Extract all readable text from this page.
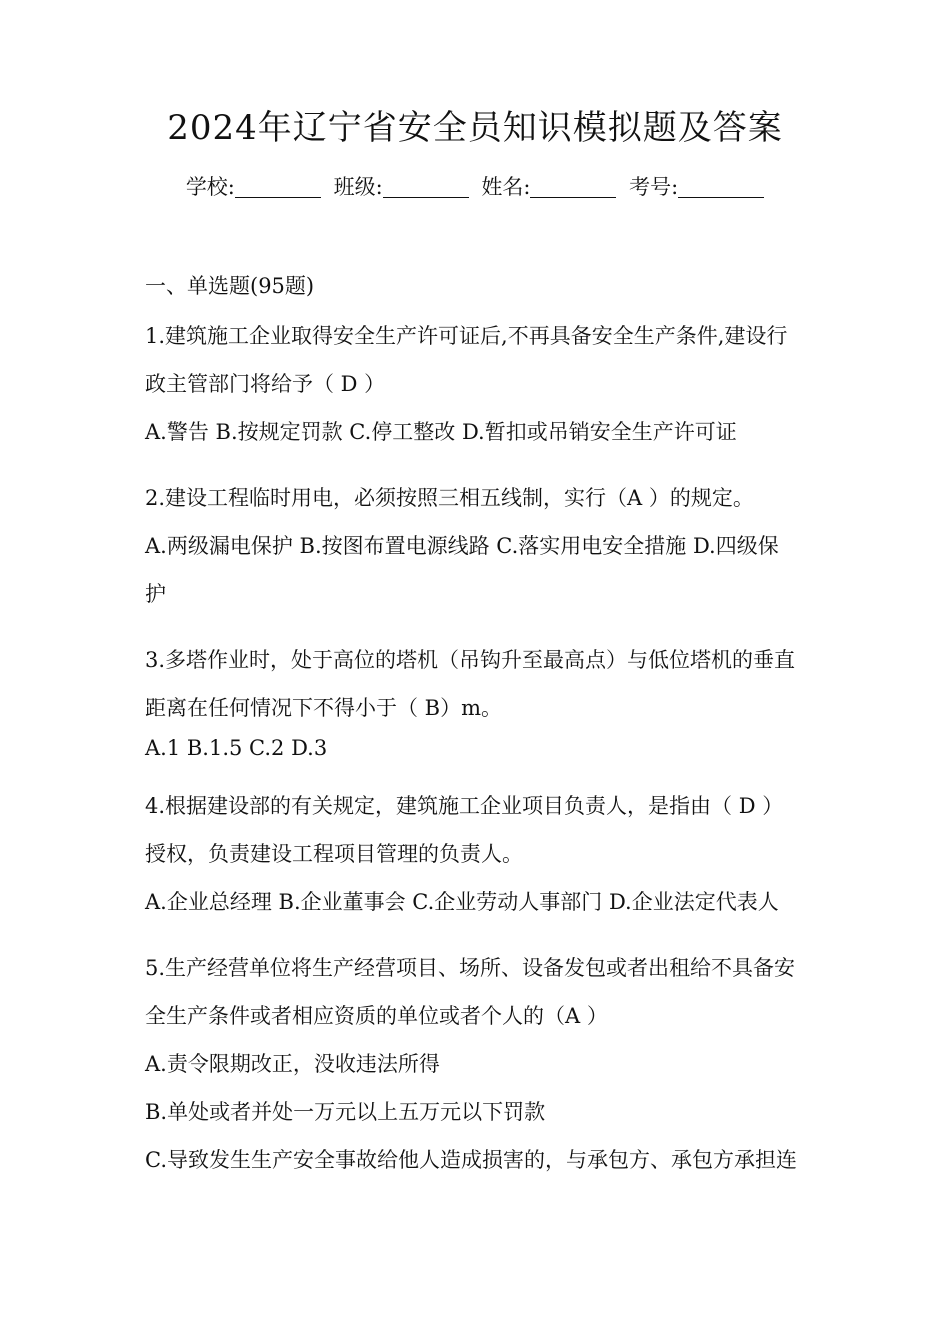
2024年辽宁省安全员知识模拟题及答案
学校:	班级:	姓名:	考号:
一、单选题(95题)
1.建筑施工企业取得安全生产许可证后,不再具备安全生产条件,建设行
政主管部门将给予（ D ）
A.警告 B.按规定罚款 C.停工整改 D.暂扣或吊销安全生产许可证
2.建设工程临时用电，必须按照三相五线制，实行（A ）的规定。
A.两级漏电保护 B.按图布置电源线路 C.落实用电安全措施 D.四级保
护
3.多塔作业时，处于高位的塔机（吊钩升至最高点）与低位塔机的垂直
距离在任何情况下不得小于（ B）m。
A.1 B.1.5 C.2 D.3
4.根据建设部的有关规定，建筑施工企业项目负责人，是指由（ D ）
授权，负责建设工程项目管理的负责人。
A.企业总经理 B.企业董事会 C.企业劳动人事部门 D.企业法定代表人
5.生产经营单位将生产经营项目、场所、设备发包或者出租给不具备安
全生产条件或者相应资质的单位或者个人的（A ）
A.责令限期改正，没收违法所得
B.单处或者并处一万元以上五万元以下罚款
C.导致发生生产安全事故给他人造成损害的，与承包方、承包方承担连
